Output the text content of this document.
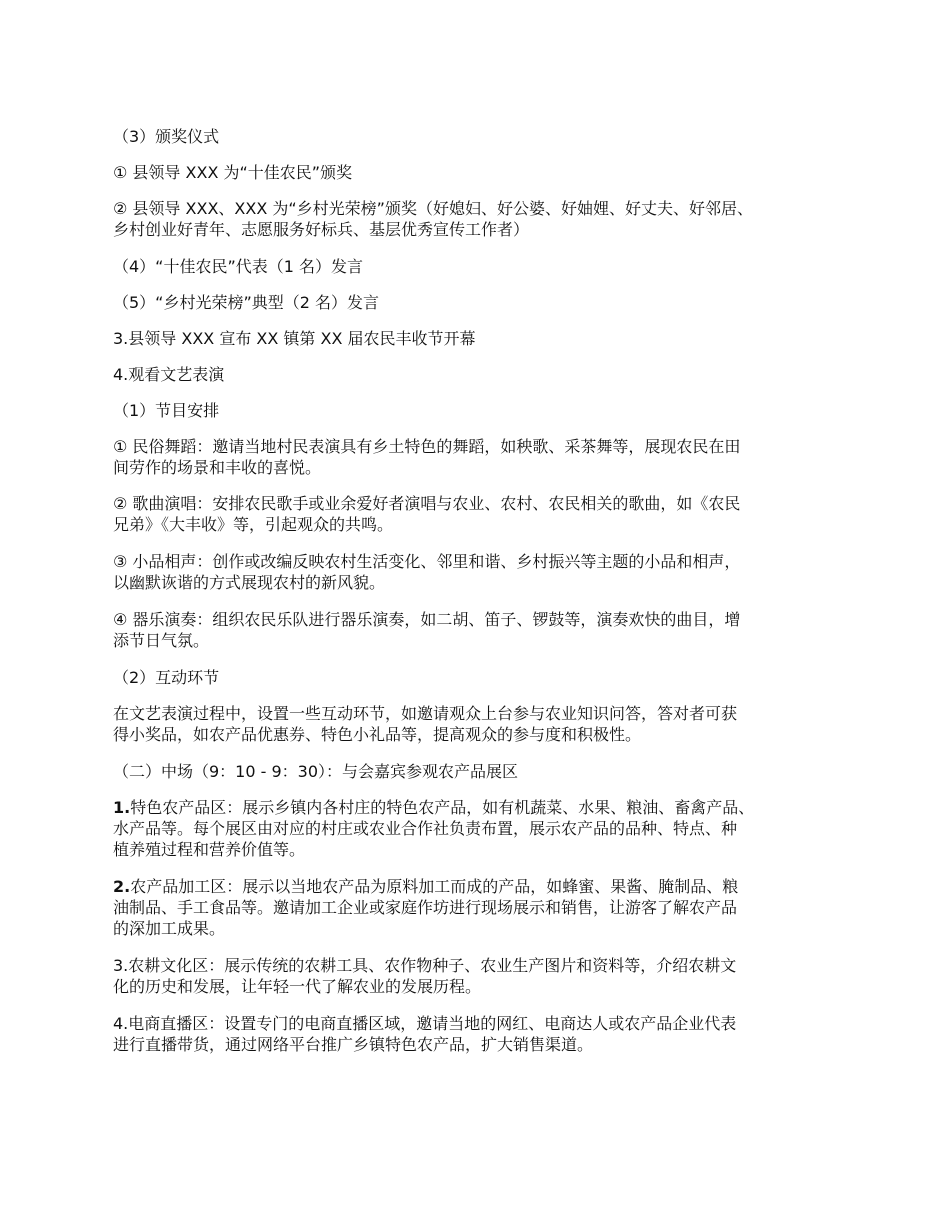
（3）颁奖仪式
① 县领导 XXX 为“十佳农民”颁奖
② 县领导 XXX、XXX 为“乡村光荣榜”颁奖（好媳妇、好公婆、好妯娌、好丈夫、好邻居、
乡村创业好青年、志愿服务好标兵、基层优秀宣传工作者）
（4）“十佳农民”代表（1 名）发言
（5）“乡村光荣榜”典型（2 名）发言
3.县领导 XXX 宣布 XX 镇第 XX 届农民丰收节开幕
4.观看文艺表演
（1）节目安排
① 民俗舞蹈：邀请当地村民表演具有乡土特色的舞蹈，如秧歌、采茶舞等，展现农民在田
间劳作的场景和丰收的喜悦。
② 歌曲演唱：安排农民歌手或业余爱好者演唱与农业、农村、农民相关的歌曲，如《农民
兄弟》《大丰收》等，引起观众的共鸣。
③ 小品相声：创作或改编反映农村生活变化、邻里和谐、乡村振兴等主题的小品和相声，
以幽默诙谐的方式展现农村的新风貌。
④ 器乐演奏：组织农民乐队进行器乐演奏，如二胡、笛子、锣鼓等，演奏欢快的曲目，增
添节日气氛。
（2）互动环节
在文艺表演过程中，设置一些互动环节，如邀请观众上台参与农业知识问答，答对者可获
得小奖品，如农产品优惠券、特色小礼品等，提高观众的参与度和积极性。
（二）中场（9：10 - 9：30）：与会嘉宾参观农产品展区
1.特色农产品区：展示乡镇内各村庄的特色农产品，如有机蔬菜、水果、粮油、畜禽产品、
水产品等。每个展区由对应的村庄或农业合作社负责布置，展示农产品的品种、特点、种
植养殖过程和营养价值等。
2.农产品加工区：展示以当地农产品为原料加工而成的产品，如蜂蜜、果酱、腌制品、粮
油制品、手工食品等。邀请加工企业或家庭作坊进行现场展示和销售，让游客了解农产品
的深加工成果。
3.农耕文化区：展示传统的农耕工具、农作物种子、农业生产图片和资料等，介绍农耕文
化的历史和发展，让年轻一代了解农业的发展历程。
4.电商直播区：设置专门的电商直播区域，邀请当地的网红、电商达人或农产品企业代表
进行直播带货，通过网络平台推广乡镇特色农产品，扩大销售渠道。
